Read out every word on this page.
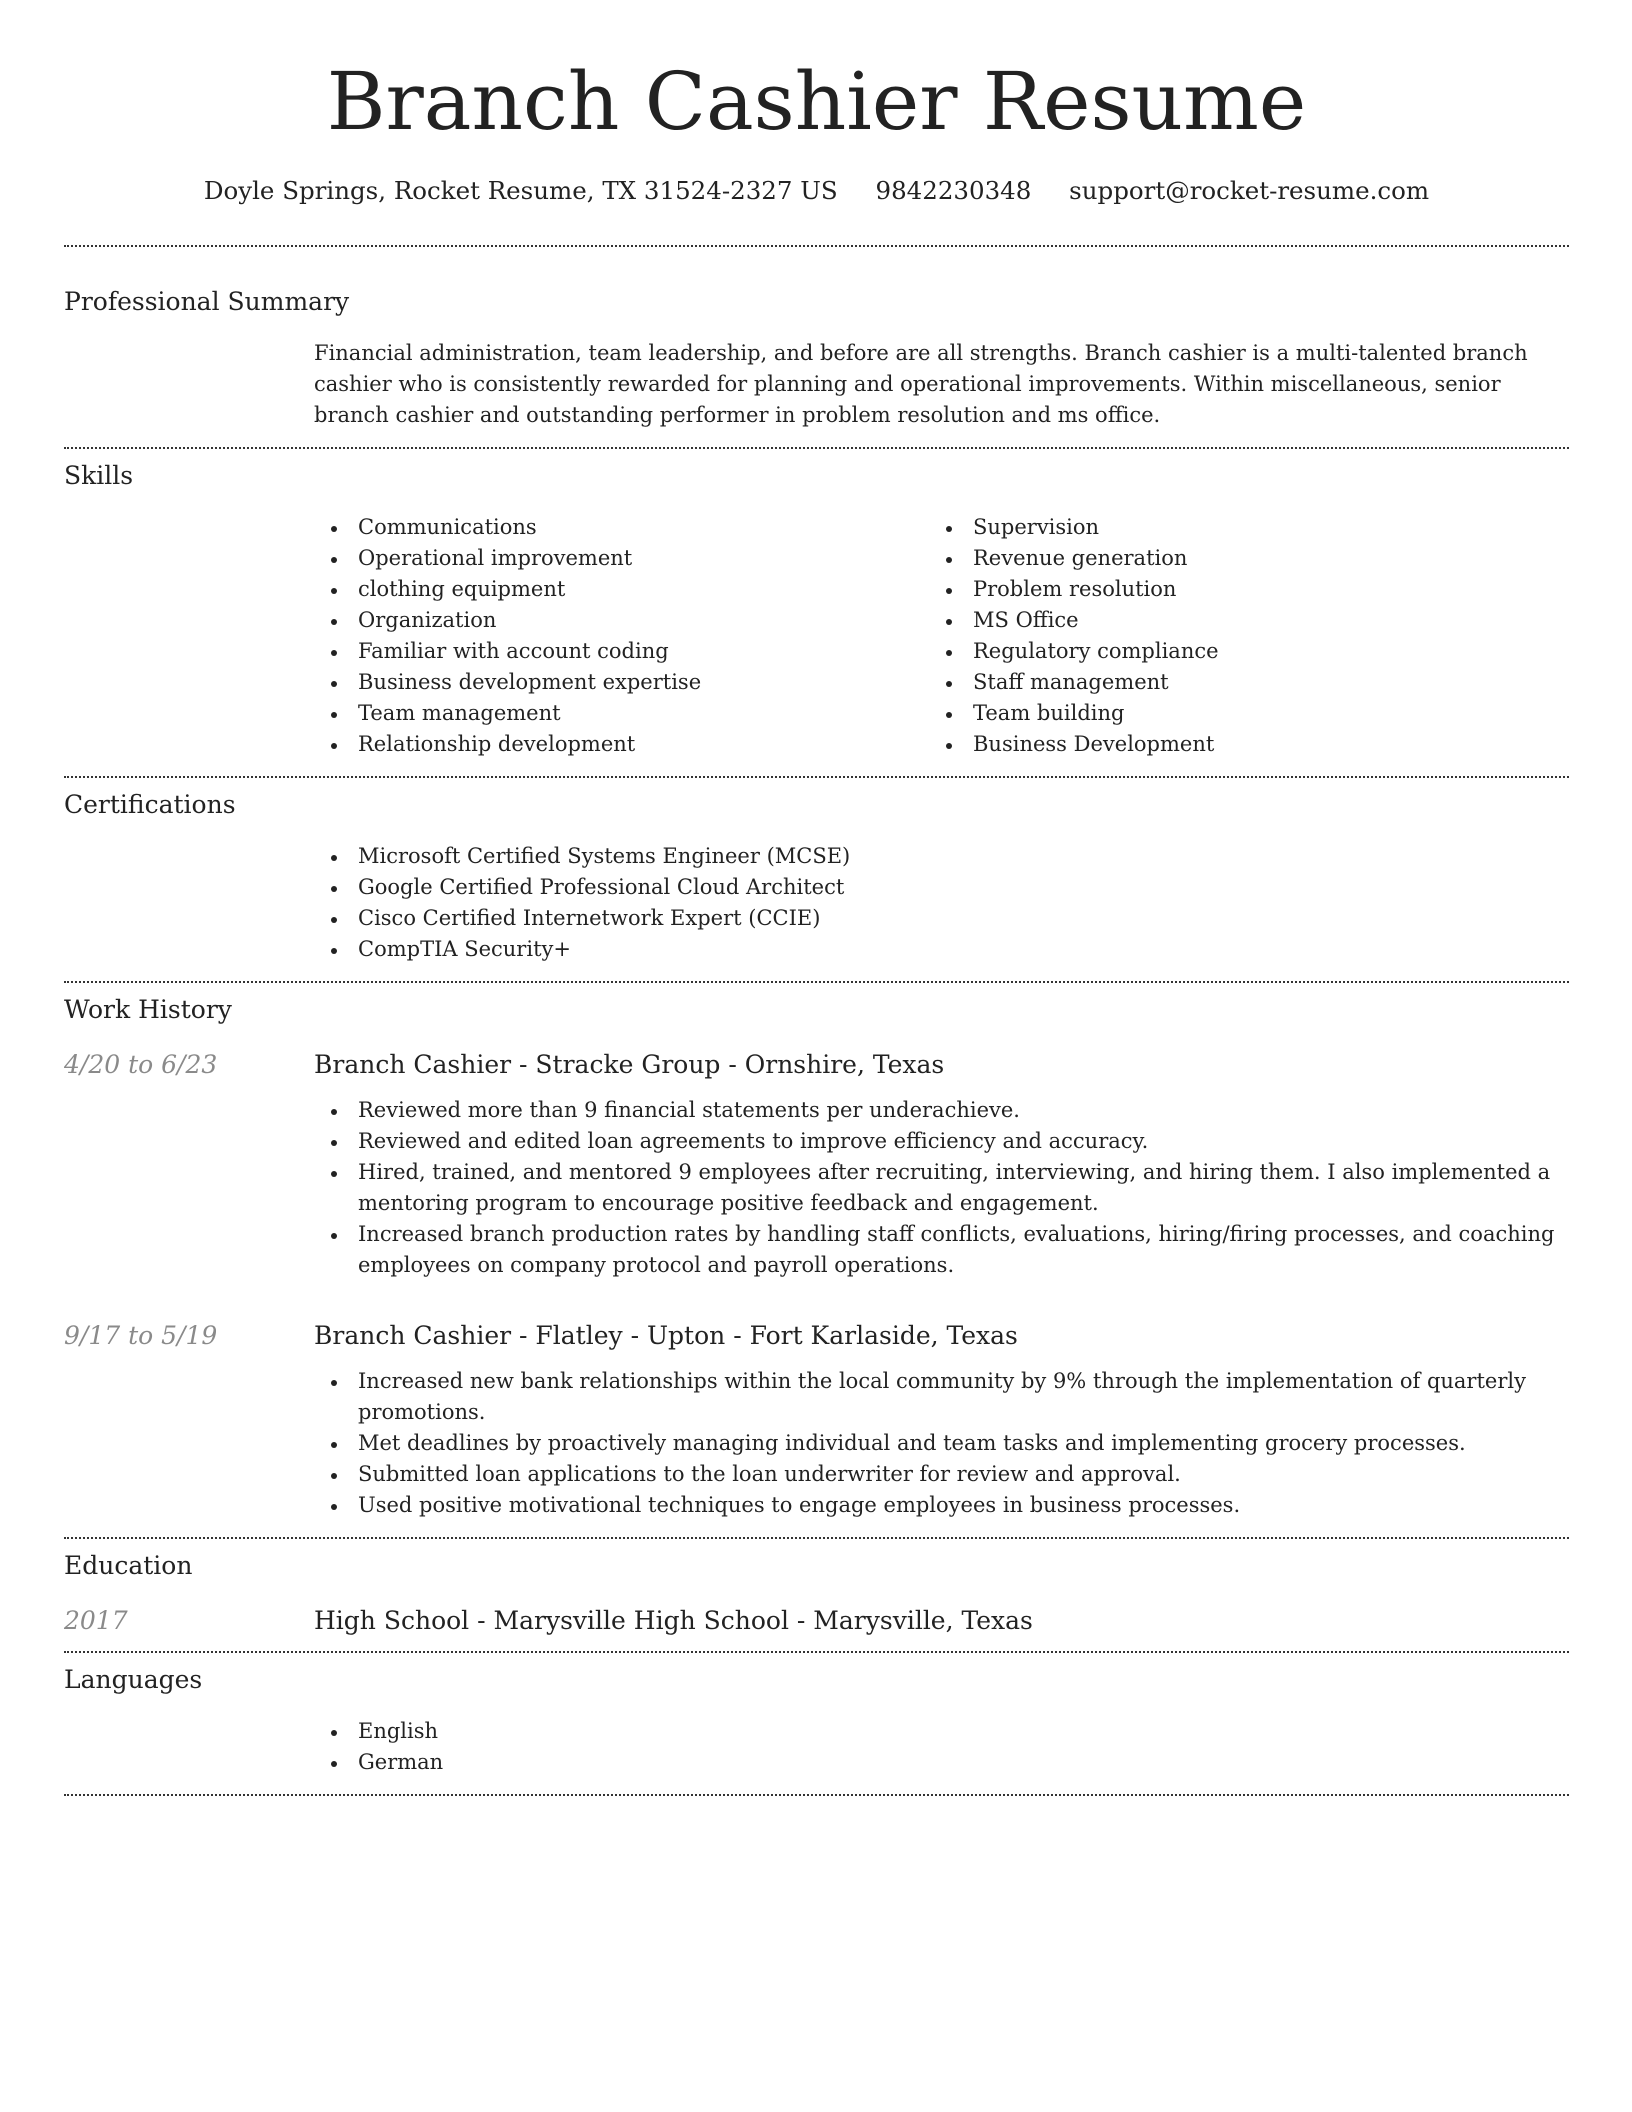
Branch Cashier Resume
Doyle Springs, Rocket Resume, TX 31524-2327 US 9842230348 support@rocket-resume.com
Professional Summary
Financial administration, team leadership, and before are all strengths. Branch cashier is a multi-talented branch cashier who is consistently rewarded for planning and operational improvements. Within miscellaneous, senior branch cashier and outstanding performer in problem resolution and ms office.
Skills
Communications
Operational improvement
clothing equipment
Organization
Familiar with account coding
Business development expertise
Team management
Relationship development
Supervision
Revenue generation
Problem resolution
MS Office
Regulatory compliance
Staff management
Team building
Business Development
Certifications
Microsoft Certified Systems Engineer (MCSE)
Google Certified Professional Cloud Architect
Cisco Certified Internetwork Expert (CCIE)
CompTIA Security+
Work History
4/20 to 6/23	Branch Cashier - Stracke Group - Ornshire, Texas
Reviewed more than 9 financial statements per underachieve.
Reviewed and edited loan agreements to improve efficiency and accuracy.
Hired, trained, and mentored 9 employees after recruiting, interviewing, and hiring them. I also implemented a mentoring program to encourage positive feedback and engagement.
Increased branch production rates by handling staff conflicts, evaluations, hiring/firing processes, and coaching employees on company protocol and payroll operations.
9/17 to 5/19	Branch Cashier - Flatley - Upton - Fort Karlaside, Texas
Increased new bank relationships within the local community by 9% through the implementation of quarterly promotions.
Met deadlines by proactively managing individual and team tasks and implementing grocery processes.
Submitted loan applications to the loan underwriter for review and approval.
Used positive motivational techniques to engage employees in business processes.
Education
2017	High School - Marysville High School - Marysville, Texas
Languages
English
German
